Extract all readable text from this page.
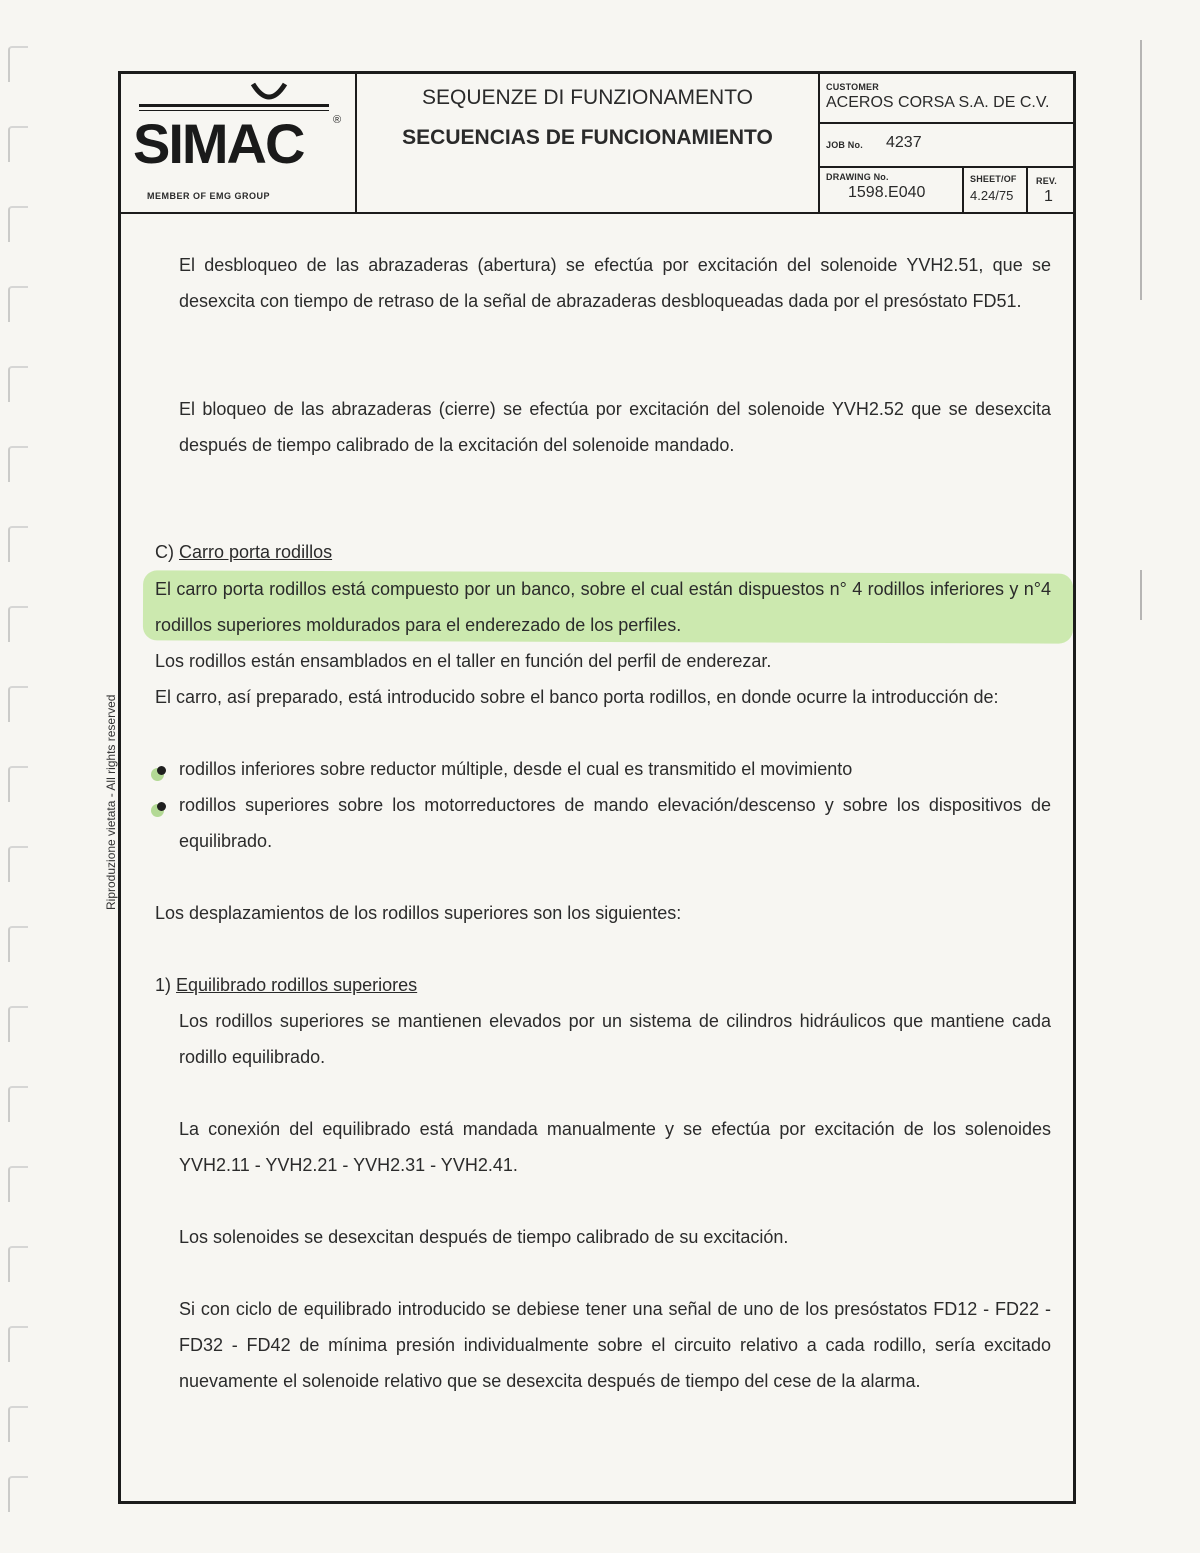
Riproduzione vietata - All rights reserved
SIMAC	®
MEMBER OF EMG GROUP
SEQUENZE DI FUNZIONAMENTO
SECUENCIAS DE FUNCIONAMIENTO
CUSTOMER
ACEROS CORSA S.A. DE C.V.
JOB No. 4237
DRAWING No.
1598.E040
SHEET/OF
4.24/75
REV.
1

El desbloqueo de las abrazaderas (abertura) se efectúa por excitación del solenoide YVH2.51, que se desexcita con tiempo de retraso de la señal de abrazaderas desbloqueadas dada por el presóstato FD51.

El bloqueo de las abrazaderas (cierre) se efectúa por excitación del solenoide YVH2.52 que se desexcita después de tiempo calibrado de la excitación del solenoide mandado.

C) Carro porta rodillos

El carro porta rodillos está compuesto por un banco, sobre el cual están dispuestos n° 4 rodillos inferiores y n°4 rodillos superiores moldurados para el enderezado de los perfiles.

Los rodillos están ensamblados en el taller en función del perfil de enderezar.

El carro, así preparado, está introducido sobre el banco porta rodillos, en donde ocurre la introducción de:

rodillos inferiores sobre reductor múltiple, desde el cual es transmitido el movimiento

rodillos superiores sobre los motorreductores de mando elevación/descenso y sobre los dispositivos de equilibrado.

Los desplazamientos de los rodillos superiores son los siguientes:

1) Equilibrado rodillos superiores

Los rodillos superiores se mantienen elevados por un sistema de cilindros hidráulicos que mantiene cada rodillo equilibrado.

La conexión del equilibrado está mandada manualmente y se efectúa por excitación de los solenoides YVH2.11 - YVH2.21 - YVH2.31 - YVH2.41.

Los solenoides se desexcitan después de tiempo calibrado de su excitación.

Si con ciclo de equilibrado introducido se debiese tener una señal de uno de los presóstatos FD12 - FD22 - FD32 - FD42 de mínima presión individualmente sobre el circuito relativo a cada rodillo, sería excitado nuevamente el solenoide relativo que se desexcita después de tiempo del cese de la alarma.
